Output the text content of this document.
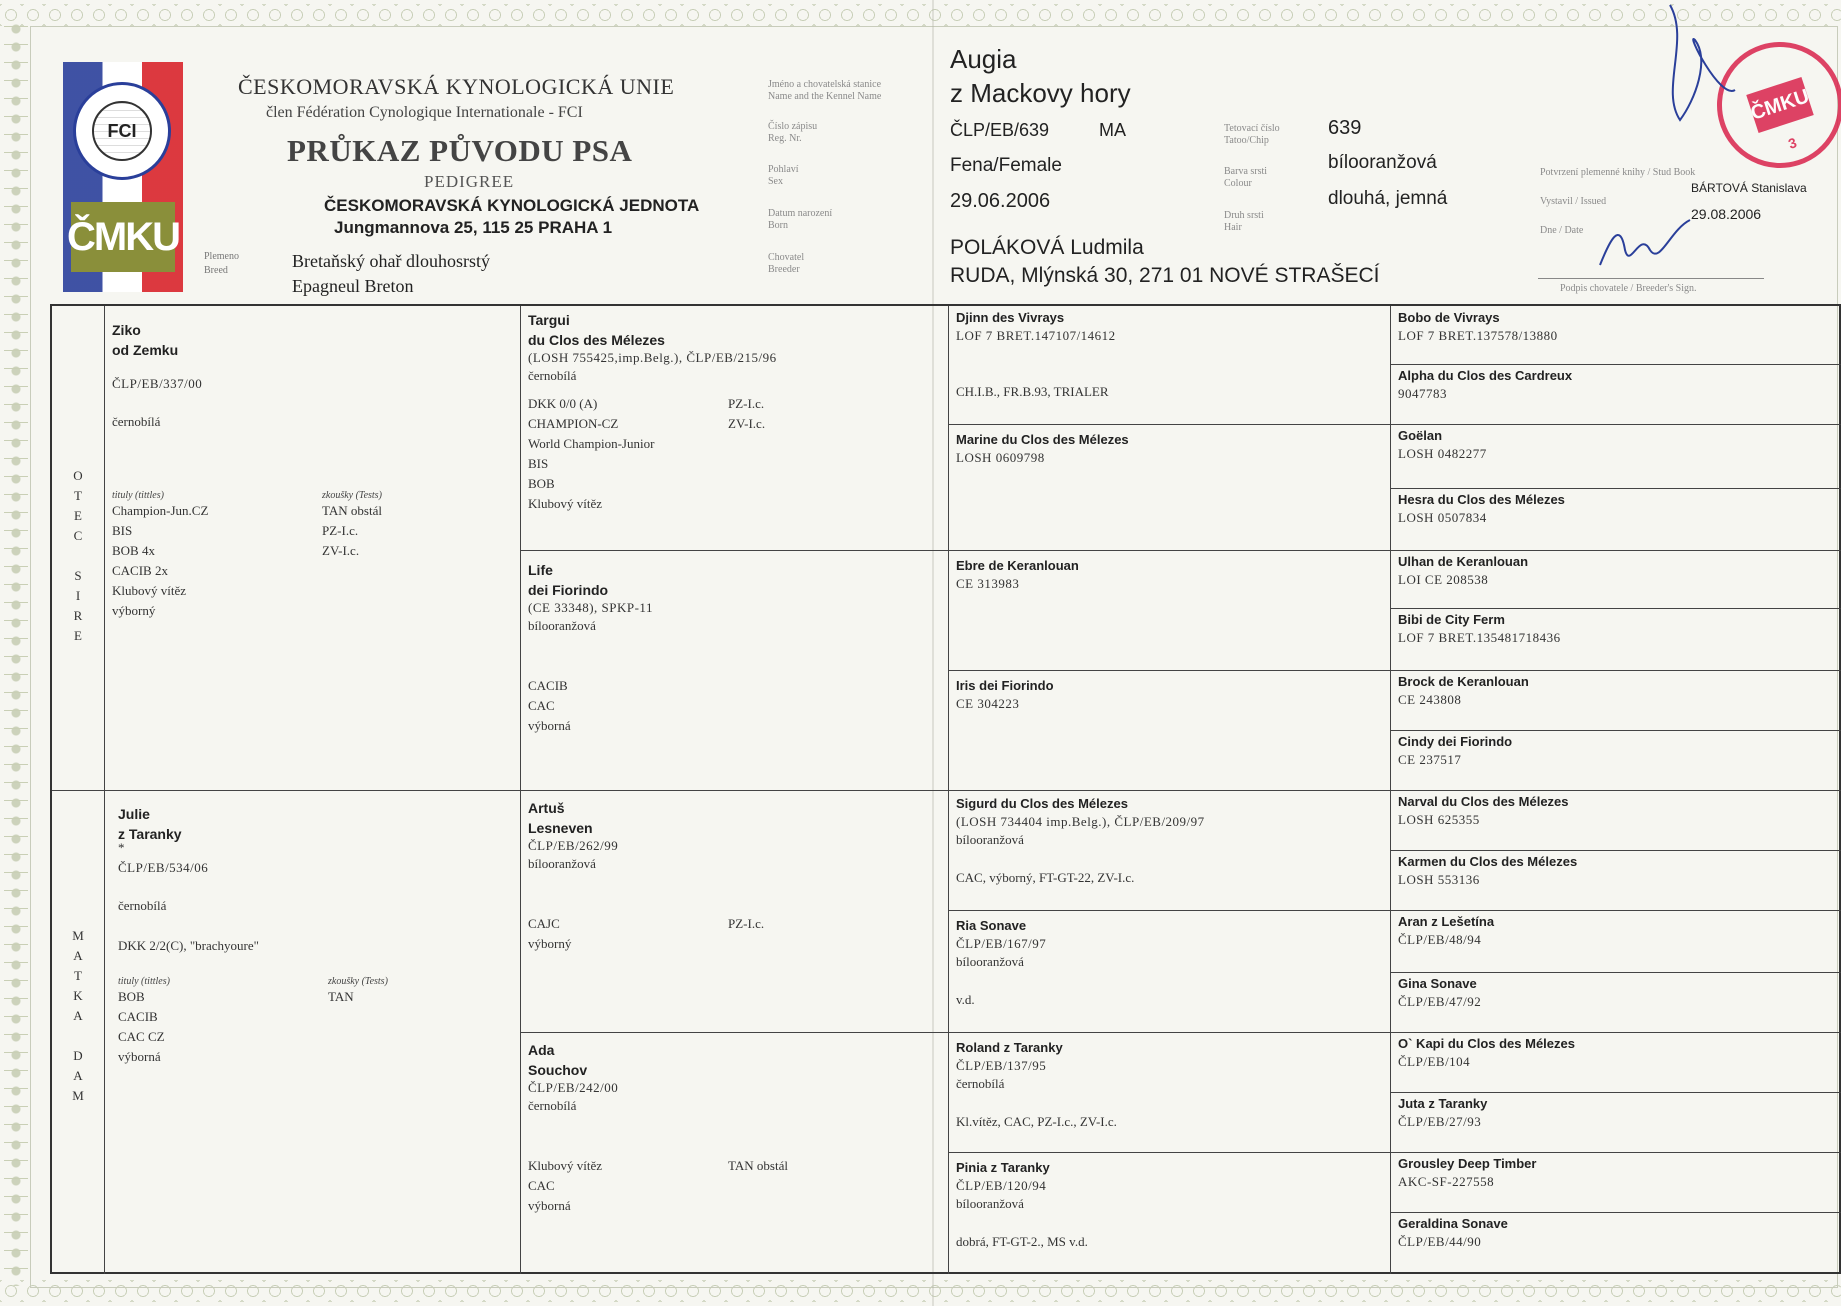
FCI
ČMKU
ČESKOMORAVSKÁ KYNOLOGICKÁ UNIE
člen Fédération Cynologique Internationale - FCI
PRŮKAZ PŮVODU PSA
PEDIGREE
ČESKOMORAVSKÁ KYNOLOGICKÁ JEDNOTA
Jungmannova 25, 115 25 PRAHA 1
Plemeno
Breed	Bretaňský ohař dlouhosrstý
Epagneul Breton
Jméno a chovatelská stanice
Name and the Kennel Name
Číslo zápisu
Reg. Nr.
Pohlaví
Sex
Datum narození
Born
Chovatel
Breeder
Augia
z Mackovy hory
ČLP/EB/639	MA
Fena/Female
29.06.2006
POLÁKOVÁ Ludmila
RUDA, Mlýnská 30, 271 01 NOVÉ STRAŠECÍ
Tetovací číslo
Tatoo/Chip
Barva srsti
Colour
Druh srsti
Hair
639
bílooranžová
dlouhá, jemná
Potvrzení plemenné knihy / Stud Book
Vystavil / Issued
Dne / Date
BÁRTOVÁ Stanislava
29.08.2006
Podpis chovatele / Breeder's Sign.
ČMKU
3
O
T
E
C

S
I
R
E
M
A
T
K
A

D
A
M
Ziko
od Zemku
ČLP/EB/337/00
černobílá
tituly (tittles)
Champion-Jun.CZ
BIS
BOB 4x
CACIB 2x
Klubový vítěz
výborný
zkoušky (Tests)
TAN obstál
PZ-I.c.
ZV-I.c.
Julie
z Taranky
*
ČLP/EB/534/06
černobílá
DKK 2/2(C), "brachyoure"
tituly (tittles)
BOB
CACIB
CAC CZ
výborná
zkoušky (Tests)
TAN
Targui
du Clos des Mélezes
(LOSH 755425,imp.Belg.), ČLP/EB/215/96
černobílá
DKK 0/0 (A)
CHAMPION-CZ
World Champion-Junior
BIS
BOB
Klubový vítěz
PZ-I.c.
ZV-I.c.
Life
dei Fiorindo
(CE 33348), SPKP-11
bílooranžová
CACIB
CAC
výborná
Artuš
Lesneven
ČLP/EB/262/99
bílooranžová
CAJC
výborný
PZ-I.c.
Ada
Souchov
ČLP/EB/242/00
černobílá
Klubový vítěz
CAC
výborná
TAN obstál
Djinn des Vivrays
LOF 7 BRET.147107/14612
CH.I.B., FR.B.93, TRIALER
Marine du Clos des Mélezes
LOSH 0609798
Ebre de Keranlouan
CE 313983
Iris dei Fiorindo
CE 304223
Sigurd du Clos des Mélezes
(LOSH 734404 imp.Belg.), ČLP/EB/209/97
bílooranžová
CAC, výborný, FT-GT-22, ZV-I.c.
Ria Sonave
ČLP/EB/167/97
bílooranžová
v.d.
Roland z Taranky
ČLP/EB/137/95
černobílá
Kl.vítěz, CAC, PZ-I.c., ZV-I.c.
Pinia z Taranky
ČLP/EB/120/94
bílooranžová
dobrá, FT-GT-2., MS v.d.
Bobo de Vivrays
LOF 7 BRET.137578/13880
Alpha du Clos des Cardreux
9047783
Goëlan
LOSH 0482277
Hesra du Clos des Mélezes
LOSH 0507834
Ulhan de Keranlouan
LOI CE 208538
Bibi de City Ferm
LOF 7 BRET.135481718436
Brock de Keranlouan
CE 243808
Cindy dei Fiorindo
CE 237517
Narval du Clos des Mélezes
LOSH 625355
Karmen du Clos des Mélezes
LOSH 553136
Aran z Lešetína
ČLP/EB/48/94
Gina Sonave
ČLP/EB/47/92
O` Kapi du Clos des Mélezes
ČLP/EB/104
Juta z Taranky
ČLP/EB/27/93
Grousley Deep Timber
AKC-SF-227558
Geraldina Sonave
ČLP/EB/44/90
